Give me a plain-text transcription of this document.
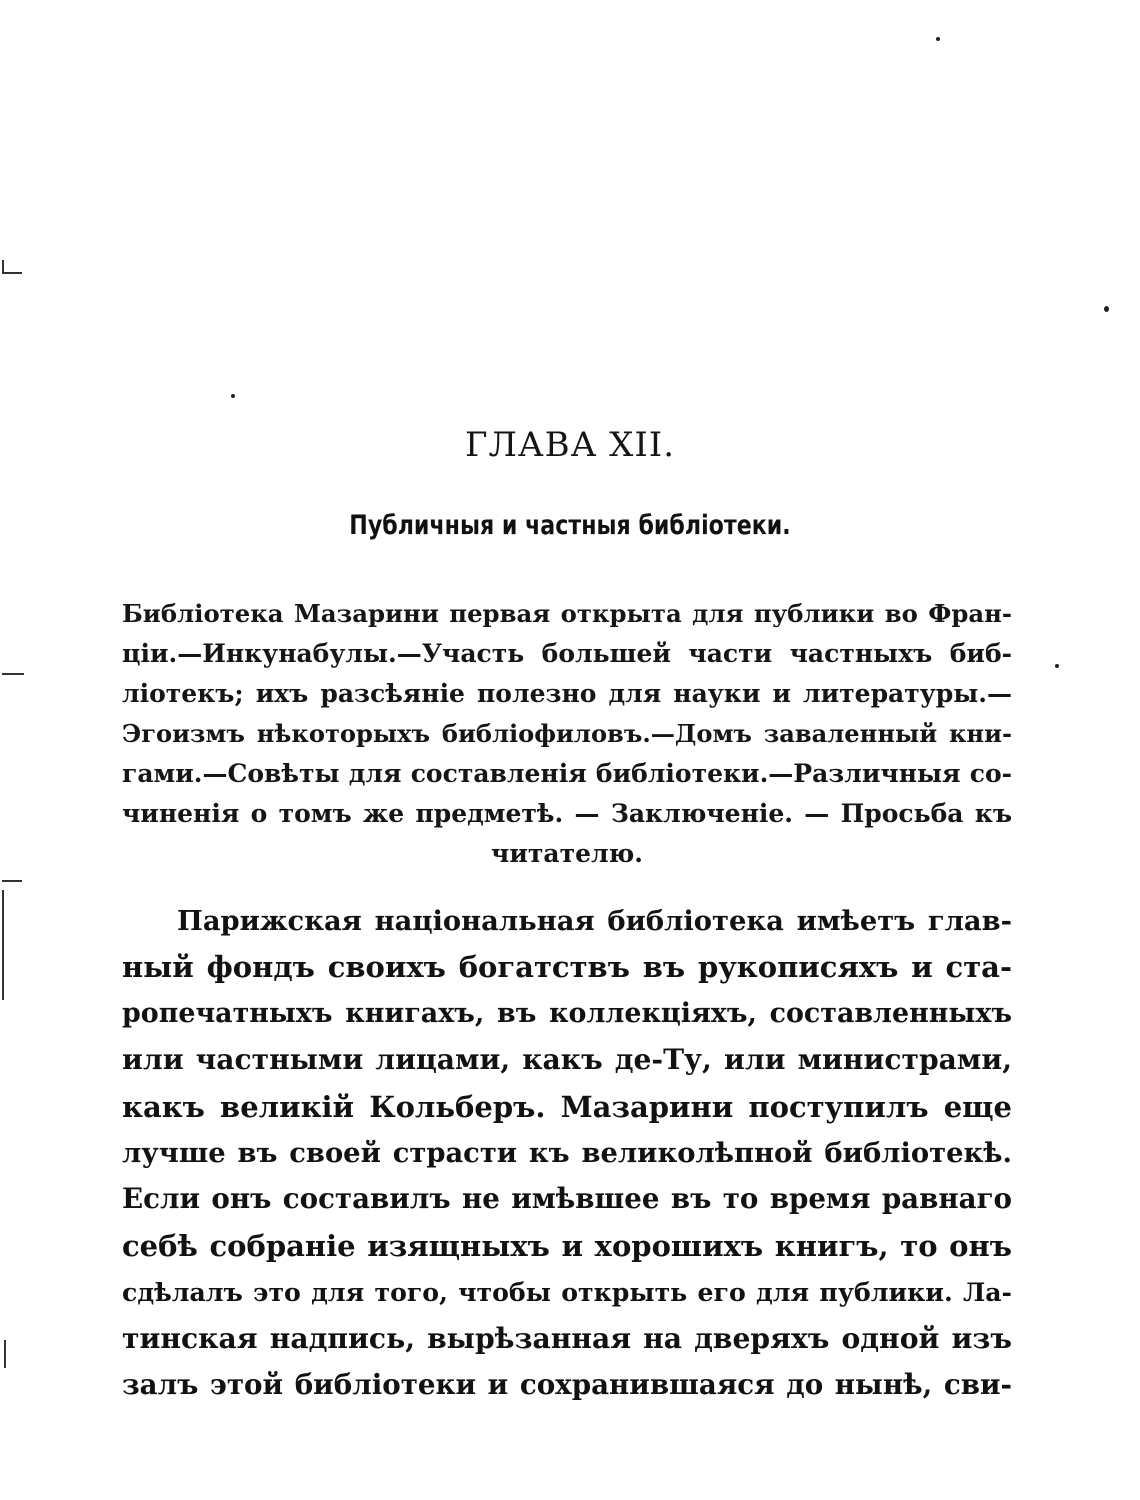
ГЛАВА XII.
Публичныя и частныя библіотеки.
Библіотека Мазарини первая открыта для публики во Фран-
ціи.—Инкунабулы.—Участь большей части частныхъ биб-
ліотекъ; ихъ разсѣяніе полезно для науки и литературы.—
Эгоизмъ нѣкоторыхъ библіофиловъ.—Домъ заваленный кни-
гами.—Совѣты для составленія библіотеки.—Различныя со-
чиненія о томъ же предметѣ. — Заключеніе. — Просьба къ
читателю.
Парижская національная библіотека имѣетъ глав-
ный фондъ своихъ богатствъ въ рукописяхъ и ста-
ропечатныхъ книгахъ, въ коллекціяхъ, составленныхъ
или частными лицами, какъ де-Ту, или министрами,
какъ великій Кольберъ. Мазарини поступилъ еще
лучше въ своей страсти къ великолѣпной библіотекѣ.
Если онъ составилъ не имѣвшее въ то время равнаго
себѣ собраніе изящныхъ и хорошихъ книгъ, то онъ
сдѣлалъ это для того, чтобы открыть его для публики. Ла-
тинская надпись, вырѣзанная на дверяхъ одной изъ
залъ этой библіотеки и сохранившаяся до нынѣ, сви-
